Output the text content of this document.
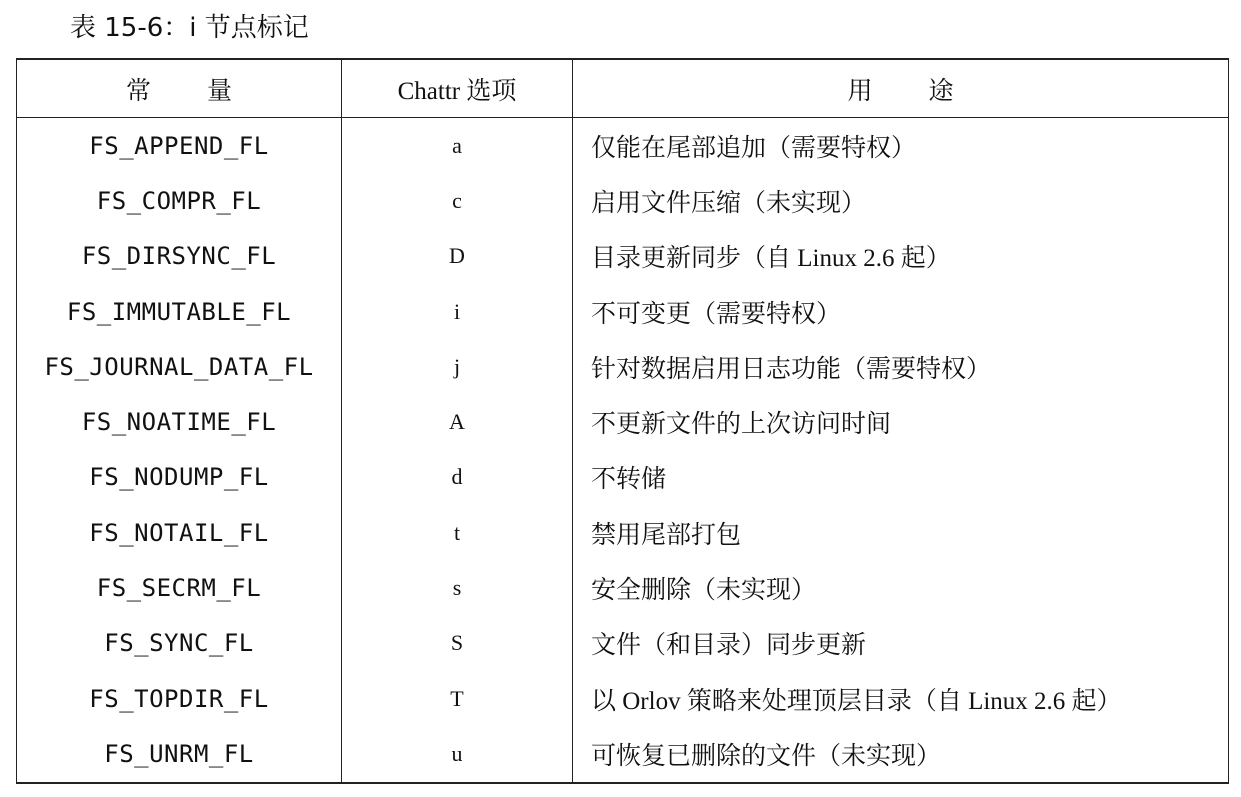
表 15-6：i 节点标记
常 量	Chattr 选项	用 途
FS_APPEND_FL	a	仅能在尾部追加（需要特权）
FS_COMPR_FL	c	启用文件压缩（未实现）
FS_DIRSYNC_FL	D	目录更新同步（自 Linux 2.6 起）
FS_IMMUTABLE_FL	i	不可变更（需要特权）
FS_JOURNAL_DATA_FL	j	针对数据启用日志功能（需要特权）
FS_NOATIME_FL	A	不更新文件的上次访问时间
FS_NODUMP_FL	d	不转储
FS_NOTAIL_FL	t	禁用尾部打包
FS_SECRM_FL	s	安全删除（未实现）
FS_SYNC_FL	S	文件（和目录）同步更新
FS_TOPDIR_FL	T	以 Orlov 策略来处理顶层目录（自 Linux 2.6 起）
FS_UNRM_FL	u	可恢复已删除的文件（未实现）
